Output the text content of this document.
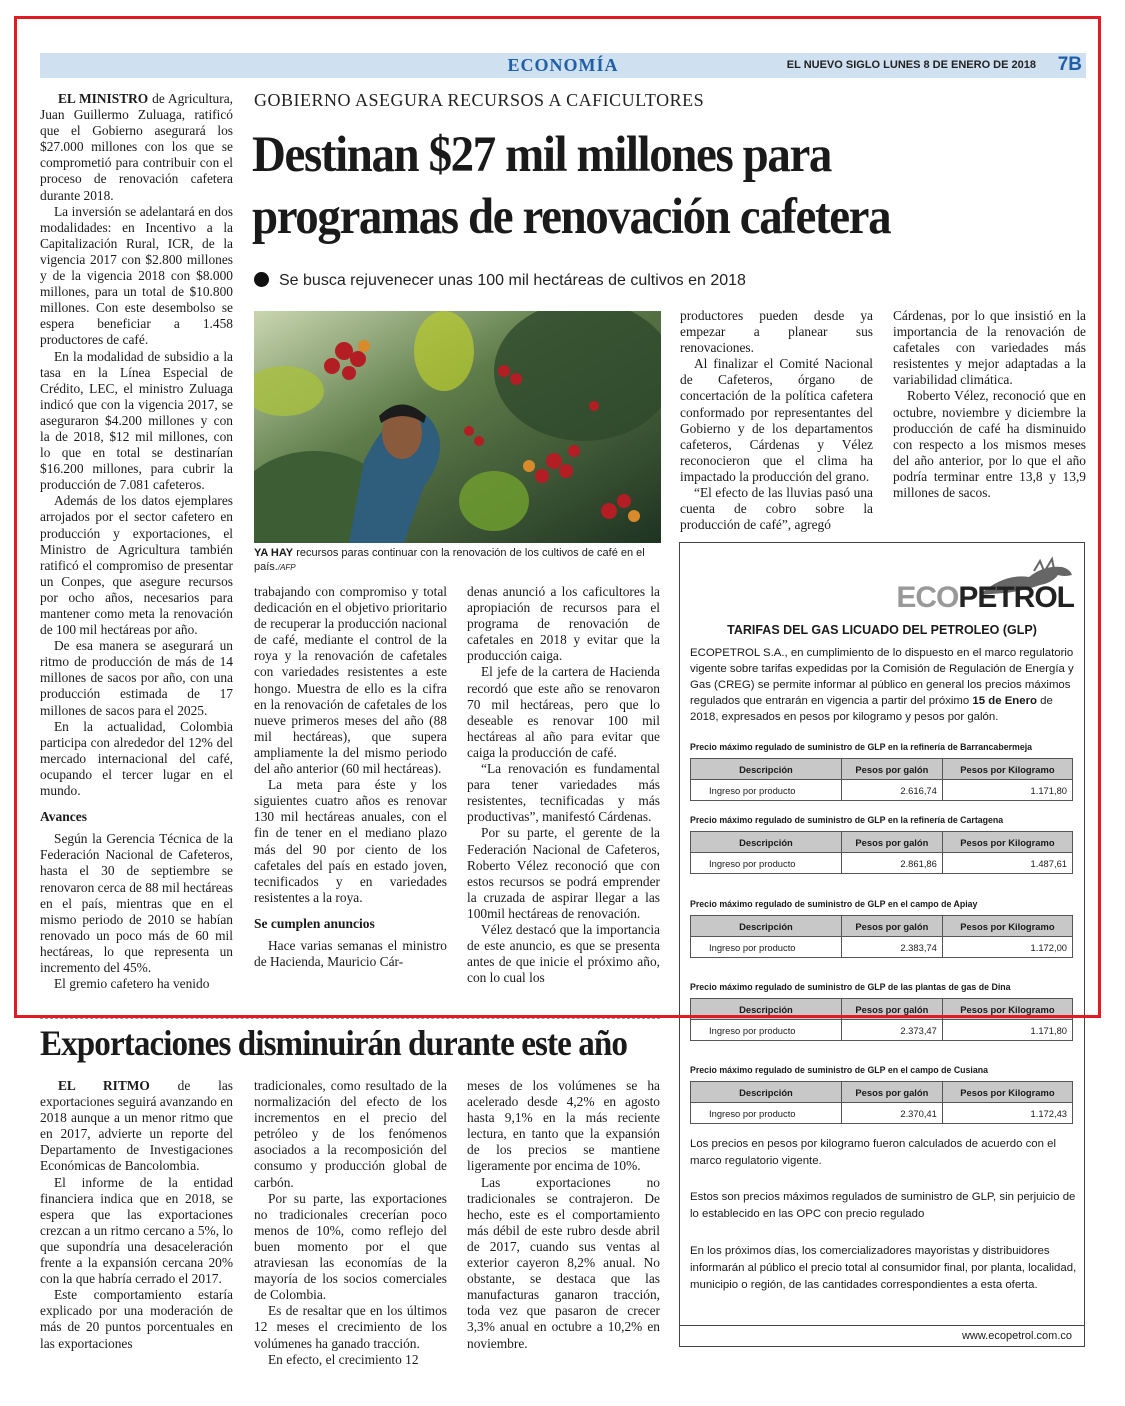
ECONOMÍA	EL NUEVO SIGLO LUNES 8 DE ENERO DE 2018 7B

EL MINISTRO de Agricultura, Juan Guillermo Zuluaga, ratificó que el Gobierno asegurará los $27.000 millones con los que se comprometió para contribuir con el proceso de renovación cafetera durante 2018.

La inversión se adelantará en dos modalidades: en Incentivo a la Capitalización Rural, ICR, de la vigencia 2017 con $2.800 millones y de la vigencia 2018 con $8.000 millones, para un total de $10.800 millones. Con este desembolso se espera beneficiar a 1.458 productores de café.

En la modalidad de subsidio a la tasa en la Línea Especial de Crédito, LEC, el ministro Zuluaga indicó que con la vigencia 2017, se aseguraron $4.200 millones y con la de 2018, $12 mil millones, con lo que en total se destinarían $16.200 millones, para cubrir la producción de 7.081 cafeteros.

Además de los datos ejemplares arrojados por el sector cafetero en producción y exportaciones, el Ministro de Agricultura también ratificó el compromiso de presentar un Conpes, que asegure recursos por ocho años, necesarios para mantener como meta la renovación de 100 mil hectáreas por año.

De esa manera se asegurará un ritmo de producción de más de 14 millones de sacos por año, con una producción estimada de 17 millones de sacos para el 2025.

En la actualidad, Colombia participa con alrededor del 12% del mercado internacional del café, ocupando el tercer lugar en el mundo.

Avances

Según la Gerencia Técnica de la Federación Nacional de Cafeteros, hasta el 30 de septiembre se renovaron cerca de 88 mil hectáreas en el país, mientras que en el mismo periodo de 2010 se habían renovado un poco más de 60 mil hectáreas, lo que representa un incremento del 45%.

El gremio cafetero ha venido

GOBIERNO ASEGURA RECURSOS A CAFICULTORES
Destinan $27 mil millones para
programas de renovación cafetera
Se busca rejuvenecer unas 100 mil hectáreas de cultivos en 2018
YA HAY recursos paras continuar con la renovación de los cultivos de café en el país./AFP

trabajando con compromiso y total dedicación en el objetivo prioritario de recuperar la producción nacional de café, mediante el control de la roya y la renovación de cafetales con variedades resistentes a este hongo. Muestra de ello es la cifra en la renovación de cafetales de los nueve primeros meses del año (88 mil hectáreas), que supera ampliamente la del mismo periodo del año anterior (60 mil hectáreas).

La meta para éste y los siguientes cuatro años es renovar 130 mil hectáreas anuales, con el fin de tener en el mediano plazo más del 90 por ciento de los cafetales del país en estado joven, tecnificados y en variedades resistentes a la roya.

Se cumplen anuncios

Hace varias semanas el ministro de Hacienda, Mauricio Cár-

denas anunció a los caficultores la apropiación de recursos para el programa de renovación de cafetales en 2018 y evitar que la producción caiga.

El jefe de la cartera de Hacienda recordó que este año se renovaron 70 mil hectáreas, pero que lo deseable es renovar 100 mil hectáreas al año para evitar que caiga la producción de café.

“La renovación es fundamental para tener variedades más resistentes, tecnificadas y más productivas”, manifestó Cárdenas.

Por su parte, el gerente de la Federación Nacional de Cafeteros, Roberto Vélez reconoció que con estos recursos se podrá emprender la cruzada de aspirar llegar a las 100mil hectáreas de renovación.

Vélez destacó que la importancia de este anuncio, es que se presenta antes de que inicie el próximo año, con lo cual los

productores pueden desde ya empezar a planear sus renovaciones.

Al finalizar el Comité Nacional de Cafeteros, órgano de concertación de la política cafetera conformado por representantes del Gobierno y de los departamentos cafeteros, Cárdenas y Vélez reconocieron que el clima ha impactado la producción del grano.

“El efecto de las lluvias pasó una cuenta de cobro sobre la producción de café”, agregó

Cárdenas, por lo que insistió en la importancia de la renovación de cafetales con variedades más resistentes y mejor adaptadas a la variabilidad climática.

Roberto Vélez, reconoció que en octubre, noviembre y diciembre la producción de café ha disminuido con respecto a los mismos meses del año anterior, por lo que el año podría terminar entre 13,8 y 13,9 millones de sacos.

Exportaciones disminuirán durante este año

EL RITMO de las exportaciones seguirá avanzando en 2018 aunque a un menor ritmo que en 2017, advierte un reporte del Departamento de Investigaciones Económicas de Bancolombia.

El informe de la entidad financiera indica que en 2018, se espera que las exportaciones crezcan a un ritmo cercano a 5%, lo que supondría una desaceleración frente a la expansión cercana 20% con la que habría cerrado el 2017.

Este comportamiento estaría explicado por una moderación de más de 20 puntos porcentuales en las exportaciones

tradicionales, como resultado de la normalización del efecto de los incrementos en el precio del petróleo y de los fenómenos asociados a la recomposición del consumo y producción global de carbón.

Por su parte, las exportaciones no tradicionales crecerían poco menos de 10%, como reflejo del buen momento por el que atraviesan las economías de la mayoría de los socios comerciales de Colombia.

Es de resaltar que en los últimos 12 meses el crecimiento de los volúmenes ha ganado tracción.

En efecto, el crecimiento 12

meses de los volúmenes se ha acelerado desde 4,2% en agosto hasta 9,1% en la más reciente lectura, en tanto que la expansión de los precios se mantiene ligeramente por encima de 10%.

Las exportaciones no tradicionales se contrajeron. De hecho, este es el comportamiento más débil de este rubro desde abril de 2017, cuando sus ventas al exterior cayeron 8,2% anual. No obstante, se destaca que las manufacturas ganaron tracción, toda vez que pasaron de crecer 3,3% anual en octubre a 10,2% en noviembre.

ECOPETROL
TARIFAS DEL GAS LICUADO DEL PETROLEO (GLP)
ECOPETROL S.A., en cumplimiento de lo dispuesto en el marco regulatorio vigente sobre tarifas expedidas por la Comisión de Regulación de Energía y Gas (CREG) se permite informar al público en general los precios máximos regulados que entrarán en vigencia a partir del próximo 15 de Enero de 2018, expresados en pesos por kilogramo y pesos por galón.
Precio máximo regulado de suministro de GLP en la refinería de Barrancabermeja
Descripción	Pesos por galón	Pesos por Kilogramo
Ingreso por producto	2.616,74	1.171,80
Precio máximo regulado de suministro de GLP en la refinería de Cartagena
Descripción	Pesos por galón	Pesos por Kilogramo
Ingreso por producto	2.861,86	1.487,61
Precio máximo regulado de suministro de GLP en el campo de Apiay
Descripción	Pesos por galón	Pesos por Kilogramo
Ingreso por producto	2.383,74	1.172,00
Precio máximo regulado de suministro de GLP de las plantas de gas de Dina
Descripción	Pesos por galón	Pesos por Kilogramo
Ingreso por producto	2.373,47	1.171,80
Precio máximo regulado de suministro de GLP en el campo de Cusiana
Descripción	Pesos por galón	Pesos por Kilogramo
Ingreso por producto	2.370,41	1.172,43
Los precios en pesos por kilogramo fueron calculados de acuerdo con el marco regulatorio vigente.
Estos son precios máximos regulados de suministro de GLP, sin perjuicio de lo establecido en las OPC con precio regulado
En los próximos días, los comercializadores mayoristas y distribuidores informarán al público el precio total al consumidor final, por planta, localidad, municipio o región, de las cantidades correspondientes a esta oferta.
www.ecopetrol.com.co
